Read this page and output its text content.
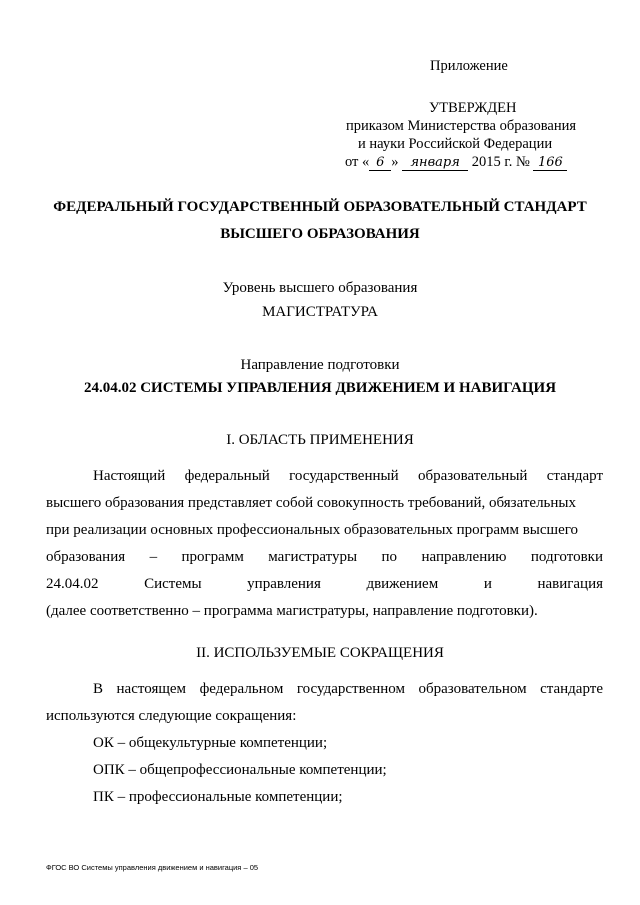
Приложение
УТВЕРЖДЕН
приказом Министерства образования
и науки Российской Федерации
от « 6 » января 2015 г. № 166
ФЕДЕРАЛЬНЫЙ ГОСУДАРСТВЕННЫЙ ОБРАЗОВАТЕЛЬНЫЙ СТАНДАРТ
ВЫСШЕГО ОБРАЗОВАНИЯ
Уровень высшего образования
МАГИСТРАТУРА
Направление подготовки
24.04.02 СИСТЕМЫ УПРАВЛЕНИЯ ДВИЖЕНИЕМ И НАВИГАЦИЯ
I. ОБЛАСТЬ ПРИМЕНЕНИЯ
Настоящий федеральный государственный образовательный стандарт
высшего образования представляет собой совокупность требований, обязательных
при реализации основных профессиональных образовательных программ высшего
образования – программ магистратуры по направлению подготовки
24.04.02	Системы	управления	движением	и	навигация
(далее соответственно – программа магистратуры, направление подготовки).
II. ИСПОЛЬЗУЕМЫЕ СОКРАЩЕНИЯ
В настоящем федеральном государственном образовательном стандарте
используются следующие сокращения:
ОК – общекультурные компетенции;
ОПК – общепрофессиональные компетенции;
ПК – профессиональные компетенции;
ФГОС ВО Системы управления движением и навигация – 05
